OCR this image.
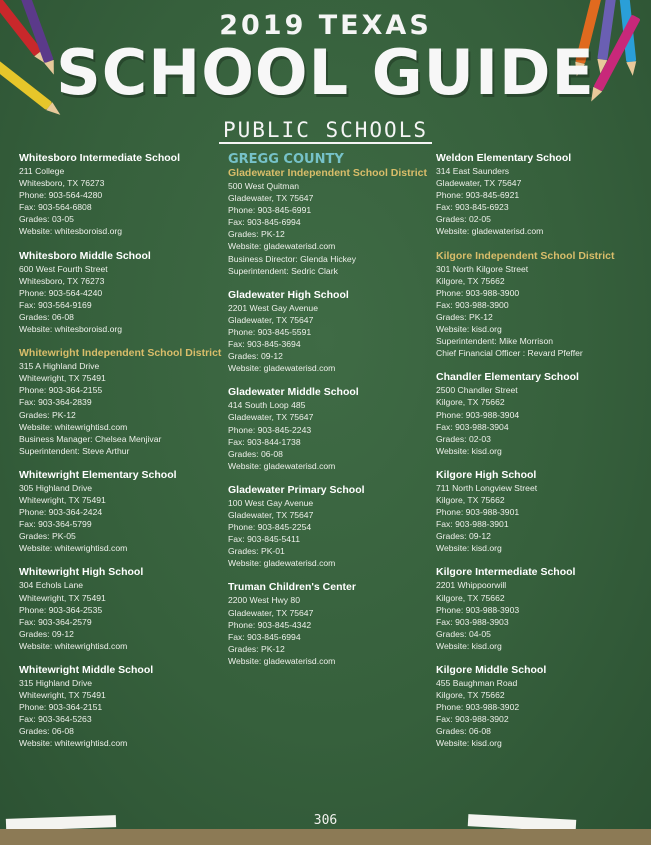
2019 TEXAS
SCHOOL GUIDE
PUBLIC SCHOOLS
Whitesboro Intermediate School
211 College
Whitesboro, TX 76273
Phone: 903-564-4280
Fax: 903-564-6808
Grades: 03-05
Website: whitesboroisd.org
Whitesboro Middle School
600 West Fourth Street
Whitesboro, TX 76273
Phone: 903-564-4240
Fax: 903-564-9169
Grades: 06-08
Website: whitesboroisd.org
Whitewright Independent School District
315 A Highland Drive
Whitewright, TX 75491
Phone: 903-364-2155
Fax: 903-364-2839
Grades: PK-12
Website: whitewrightisd.com
Business Manager: Chelsea Menjivar
Superintendent: Steve Arthur
Whitewright Elementary School
305 Highland Drive
Whitewright, TX 75491
Phone: 903-364-2424
Fax: 903-364-5799
Grades: PK-05
Website: whitewrightisd.com
Whitewright High School
304 Echols Lane
Whitewright, TX 75491
Phone: 903-364-2535
Fax: 903-364-2579
Grades: 09-12
Website: whitewrightisd.com
Whitewright Middle School
315 Highland Drive
Whitewright, TX 75491
Phone: 903-364-2151
Fax: 903-364-5263
Grades: 06-08
Website: whitewrightisd.com
GREGG COUNTY
Gladewater Independent School District
500 West Quitman
Gladewater, TX 75647
Phone: 903-845-6991
Fax: 903-845-6994
Grades: PK-12
Website: gladewaterisd.com
Business Director: Glenda Hickey
Superintendent: Sedric Clark
Gladewater High School
2201 West Gay Avenue
Gladewater, TX 75647
Phone: 903-845-5591
Fax: 903-845-3694
Grades: 09-12
Website: gladewaterisd.com
Gladewater Middle School
414 South Loop 485
Gladewater, TX 75647
Phone: 903-845-2243
Fax: 903-844-1738
Grades: 06-08
Website: gladewaterisd.com
Gladewater Primary School
100 West Gay Avenue
Gladewater, TX 75647
Phone: 903-845-2254
Fax: 903-845-5411
Grades: PK-01
Website: gladewaterisd.com
Truman Children's Center
2200 West Hwy 80
Gladewater, TX 75647
Phone: 903-845-4342
Fax: 903-845-6994
Grades: PK-12
Website: gladewaterisd.com
Weldon Elementary School
314 East Saunders
Gladewater, TX 75647
Phone: 903-845-6921
Fax: 903-845-6923
Grades: 02-05
Website: gladewaterisd.com
Kilgore Independent School District
301 North Kilgore Street
Kilgore, TX 75662
Phone: 903-988-3900
Fax: 903-988-3900
Grades: PK-12
Website: kisd.org
Superintendent: Mike Morrison
Chief Financial Officer : Revard Pfeffer
Chandler Elementary School
2500 Chandler Street
Kilgore, TX 75662
Phone: 903-988-3904
Fax: 903-988-3904
Grades: 02-03
Website: kisd.org
Kilgore High School
711 North Longview Street
Kilgore, TX 75662
Phone: 903-988-3901
Fax: 903-988-3901
Grades: 09-12
Website: kisd.org
Kilgore Intermediate School
2201 Whippoorwill
Kilgore, TX 75662
Phone: 903-988-3903
Fax: 903-988-3903
Grades: 04-05
Website: kisd.org
Kilgore Middle School
455 Baughman Road
Kilgore, TX 75662
Phone: 903-988-3902
Fax: 903-988-3902
Grades: 06-08
Website: kisd.org
306
